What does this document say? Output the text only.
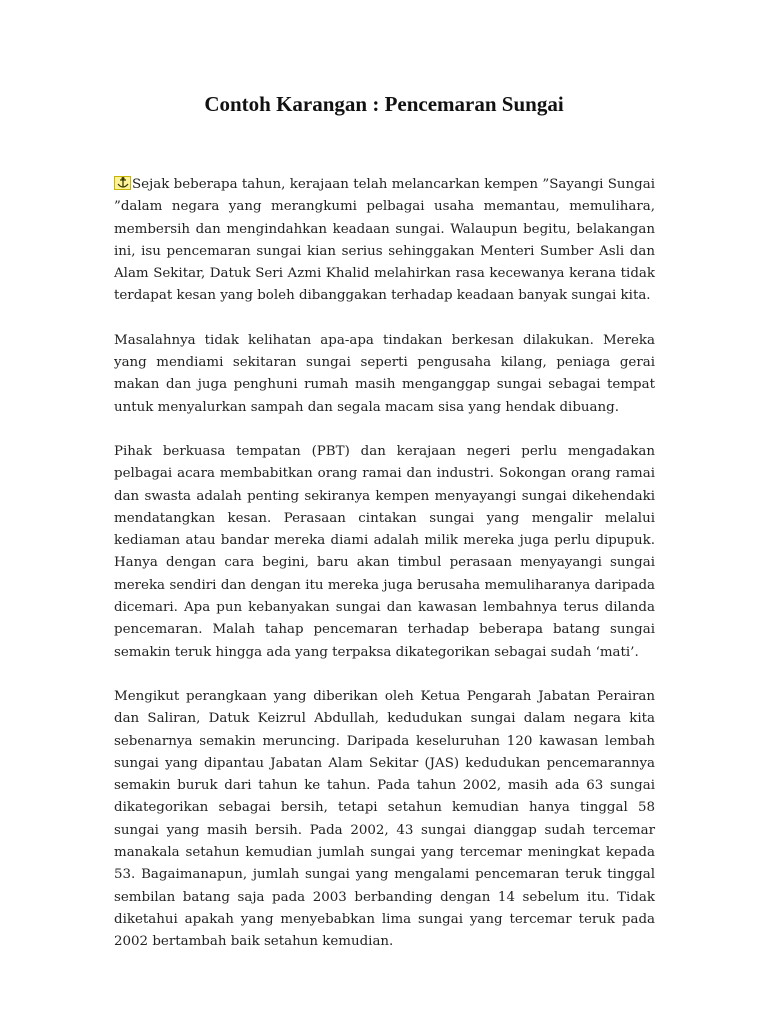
Contoh Karangan : Pencemaran Sungai

Sejak beberapa tahun, kerajaan telah melancarkan kempen ”Sayangi Sungai ”dalam negara yang merangkumi pelbagai usaha memantau, memulihara, membersih dan mengindahkan keadaan sungai. Walaupun begitu, belakangan ini, isu pencemaran sungai kian serius sehinggakan Menteri Sumber Asli dan Alam Sekitar, Datuk Seri Azmi Khalid melahirkan rasa kecewanya kerana tidak terdapat kesan yang boleh dibanggakan terhadap keadaan banyak sungai kita.

Masalahnya tidak kelihatan apa-apa tindakan berkesan dilakukan. Mereka yang mendiami sekitaran sungai seperti pengusaha kilang, peniaga gerai makan dan juga penghuni rumah masih menganggap sungai sebagai tempat untuk menyalurkan sampah dan segala macam sisa yang hendak dibuang.

Pihak berkuasa tempatan (PBT) dan kerajaan negeri perlu mengadakan pelbagai acara membabitkan orang ramai dan industri. Sokongan orang ramai dan swasta adalah penting sekiranya kempen menyayangi sungai dikehendaki mendatangkan kesan. Perasaan cintakan sungai yang mengalir melalui kediaman atau bandar mereka diami adalah milik mereka juga perlu dipupuk. Hanya dengan cara begini, baru akan timbul perasaan menyayangi sungai mereka sendiri dan dengan itu mereka juga berusaha memuliharanya daripada dicemari. Apa pun kebanyakan sungai dan kawasan lembahnya terus dilanda pencemaran. Malah tahap pencemaran terhadap beberapa batang sungai semakin teruk hingga ada yang terpaksa dikategorikan sebagai sudah ‘mati’.

Mengikut perangkaan yang diberikan oleh Ketua Pengarah Jabatan Perairan dan Saliran, Datuk Keizrul Abdullah, kedudukan sungai dalam negara kita sebenarnya semakin meruncing. Daripada keseluruhan 120 kawasan lembah sungai yang dipantau Jabatan Alam Sekitar (JAS) kedudukan pencemarannya semakin buruk dari tahun ke tahun. Pada tahun 2002, masih ada 63 sungai dikategorikan sebagai bersih, tetapi setahun kemudian hanya tinggal 58 sungai yang masih bersih. Pada 2002, 43 sungai dianggap sudah tercemar manakala setahun kemudian jumlah sungai yang tercemar meningkat kepada 53. Bagaimanapun, jumlah sungai yang mengalami pencemaran teruk tinggal sembilan batang saja pada 2003 berbanding dengan 14 sebelum itu. Tidak diketahui apakah yang menyebabkan lima sungai yang tercemar teruk pada 2002 bertambah baik setahun kemudian.
